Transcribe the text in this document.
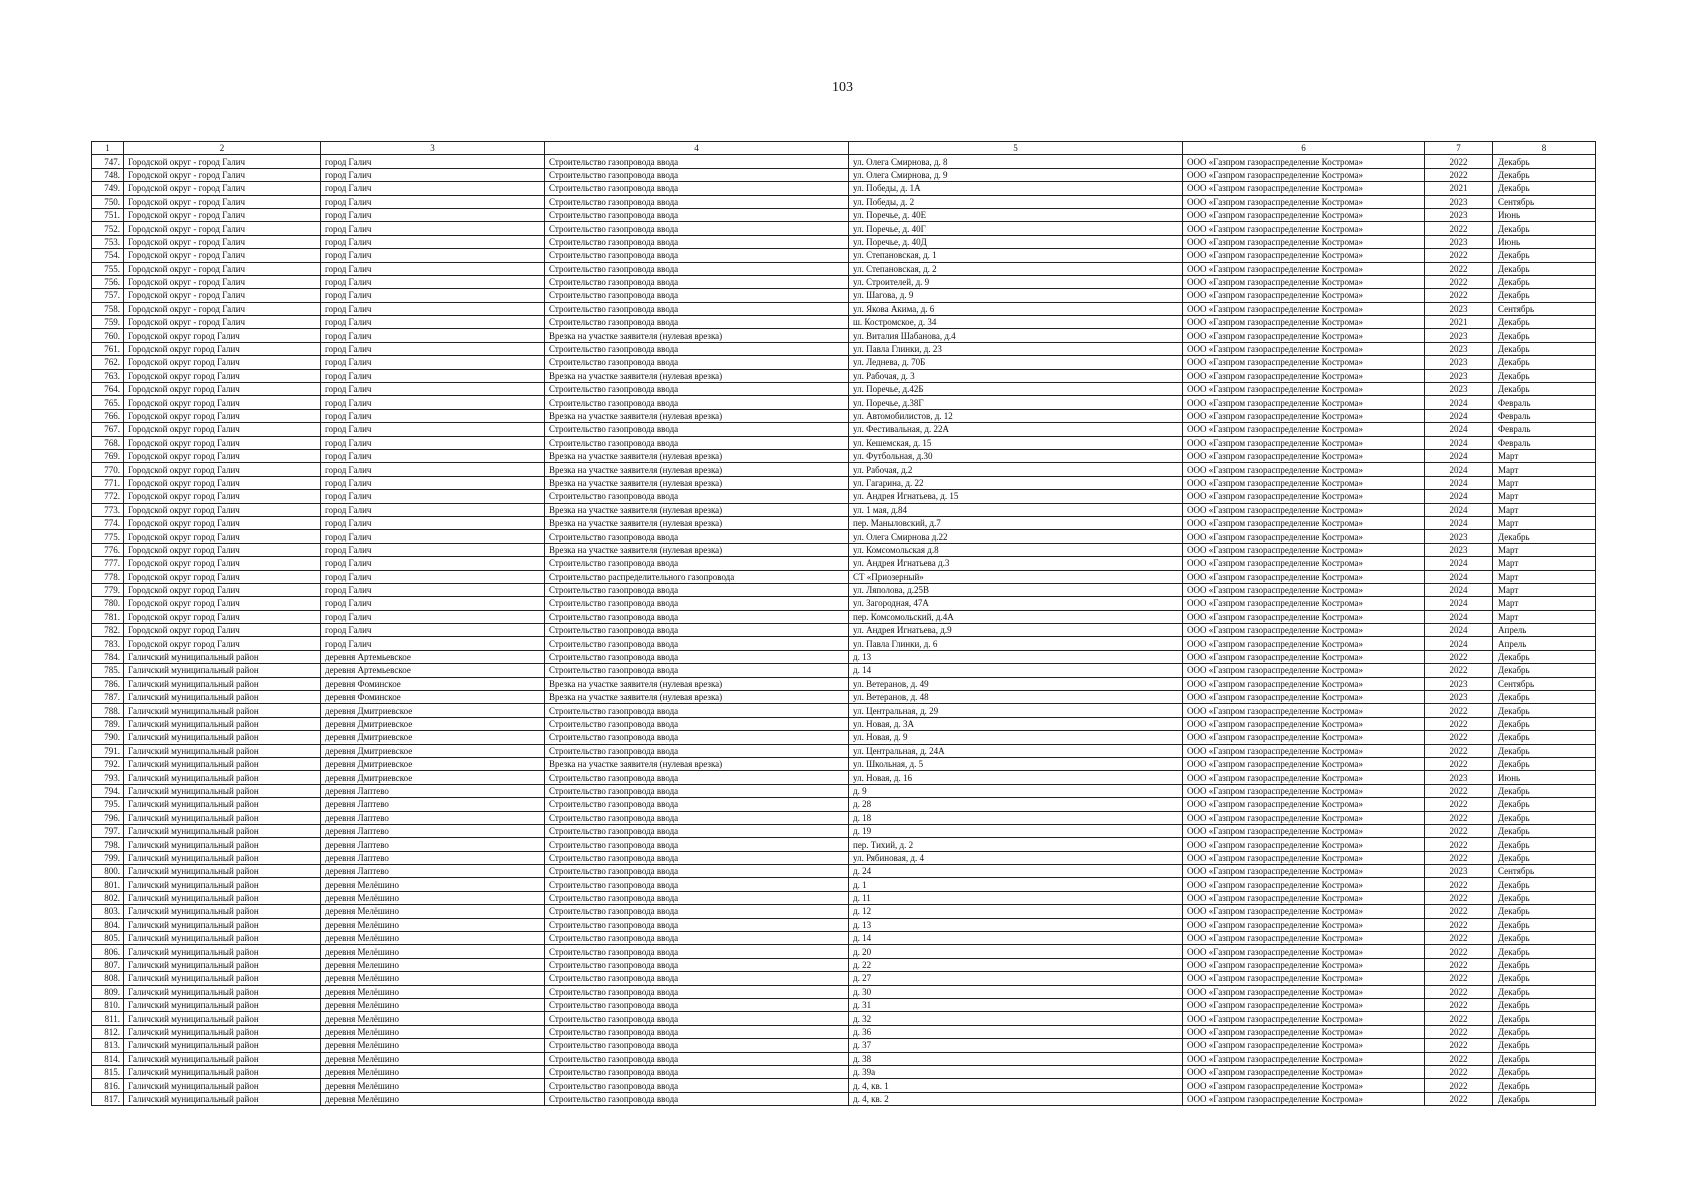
103
1	2	3	4	5	6	7	8
747.	Городской округ - город Галич	город Галич	Строительство газопровода ввода	ул. Олега Смирнова, д. 8	ООО «Газпром газораспределение Кострома»	2022	Декабрь
748.	Городской округ - город Галич	город Галич	Строительство газопровода ввода	ул. Олега Смирнова, д. 9	ООО «Газпром газораспределение Кострома»	2022	Декабрь
749.	Городской округ - город Галич	город Галич	Строительство газопровода ввода	ул. Победы, д. 1А	ООО «Газпром газораспределение Кострома»	2021	Декабрь
750.	Городской округ - город Галич	город Галич	Строительство газопровода ввода	ул. Победы, д. 2	ООО «Газпром газораспределение Кострома»	2023	Сентябрь
751.	Городской округ - город Галич	город Галич	Строительство газопровода ввода	ул. Поречье, д. 40Е	ООО «Газпром газораспределение Кострома»	2023	Июнь
752.	Городской округ - город Галич	город Галич	Строительство газопровода ввода	ул. Поречье, д. 40Г	ООО «Газпром газораспределение Кострома»	2022	Декабрь
753.	Городской округ - город Галич	город Галич	Строительство газопровода ввода	ул. Поречье, д. 40Д	ООО «Газпром газораспределение Кострома»	2023	Июнь
754.	Городской округ - город Галич	город Галич	Строительство газопровода ввода	ул. Степановская, д. 1	ООО «Газпром газораспределение Кострома»	2022	Декабрь
755.	Городской округ - город Галич	город Галич	Строительство газопровода ввода	ул. Степановская, д. 2	ООО «Газпром газораспределение Кострома»	2022	Декабрь
756.	Городской округ - город Галич	город Галич	Строительство газопровода ввода	ул. Строителей, д. 9	ООО «Газпром газораспределение Кострома»	2022	Декабрь
757.	Городской округ - город Галич	город Галич	Строительство газопровода ввода	ул. Шагова, д. 9	ООО «Газпром газораспределение Кострома»	2022	Декабрь
758.	Городской округ - город Галич	город Галич	Строительство газопровода ввода	ул. Якова Акима, д. 6	ООО «Газпром газораспределение Кострома»	2023	Сентябрь
759.	Городской округ - город Галич	город Галич	Строительство газопровода ввода	ш. Костромское, д. 34	ООО «Газпром газораспределение Кострома»	2021	Декабрь
760.	Городской округ город Галич	город Галич	Врезка на участке заявителя (нулевая врезка)	ул. Виталия Шабанова, д.4	ООО «Газпром газораспределение Кострома»	2023	Декабрь
761.	Городской округ город Галич	город Галич	Строительство газопровода ввода	ул. Павла Глинки, д. 23	ООО «Газпром газораспределение Кострома»	2023	Декабрь
762.	Городской округ город Галич	город Галич	Строительство газопровода ввода	ул. Леднева, д. 70Б	ООО «Газпром газораспределение Кострома»	2023	Декабрь
763.	Городской округ город Галич	город Галич	Врезка на участке заявителя (нулевая врезка)	ул. Рабочая, д. 3	ООО «Газпром газораспределение Кострома»	2023	Декабрь
764.	Городской округ город Галич	город Галич	Строительство газопровода ввода	ул. Поречье, д.42Б	ООО «Газпром газораспределение Кострома»	2023	Декабрь
765.	Городской округ город Галич	город Галич	Строительство газопровода ввода	ул. Поречье, д.38Г	ООО «Газпром газораспределение Кострома»	2024	Февраль
766.	Городской округ город Галич	город Галич	Врезка на участке заявителя (нулевая врезка)	ул. Автомобилистов, д. 12	ООО «Газпром газораспределение Кострома»	2024	Февраль
767.	Городской округ город Галич	город Галич	Строительство газопровода ввода	ул. Фестивальная, д. 22А	ООО «Газпром газораспределение Кострома»	2024	Февраль
768.	Городской округ город Галич	город Галич	Строительство газопровода ввода	ул. Кешемская, д. 15	ООО «Газпром газораспределение Кострома»	2024	Февраль
769.	Городской округ город Галич	город Галич	Врезка на участке заявителя (нулевая врезка)	ул. Футбольная, д.30	ООО «Газпром газораспределение Кострома»	2024	Март
770.	Городской округ город Галич	город Галич	Врезка на участке заявителя (нулевая врезка)	ул. Рабочая, д.2	ООО «Газпром газораспределение Кострома»	2024	Март
771.	Городской округ город Галич	город Галич	Врезка на участке заявителя (нулевая врезка)	ул. Гагарина, д. 22	ООО «Газпром газораспределение Кострома»	2024	Март
772.	Городской округ город Галич	город Галич	Строительство газопровода ввода	ул. Андрея Игнатьева, д. 15	ООО «Газпром газораспределение Кострома»	2024	Март
773.	Городской округ город Галич	город Галич	Врезка на участке заявителя (нулевая врезка)	ул. 1 мая, д.84	ООО «Газпром газораспределение Кострома»	2024	Март
774.	Городской округ город Галич	город Галич	Врезка на участке заявителя (нулевая врезка)	пер. Маныловский, д.7	ООО «Газпром газораспределение Кострома»	2024	Март
775.	Городской округ город Галич	город Галич	Строительство газопровода ввода	ул. Олега Смирнова д.22	ООО «Газпром газораспределение Кострома»	2023	Декабрь
776.	Городской округ город Галич	город Галич	Врезка на участке заявителя (нулевая врезка)	ул. Комсомольская д.8	ООО «Газпром газораспределение Кострома»	2023	Март
777.	Городской округ город Галич	город Галич	Строительство газопровода ввода	ул. Андрея Игнатьева д.3	ООО «Газпром газораспределение Кострома»	2024	Март
778.	Городской округ город Галич	город Галич	Строительство распределительного газопровода	СТ «Приозерный»	ООО «Газпром газораспределение Кострома»	2024	Март
779.	Городской округ город Галич	город Галич	Строительство газопровода ввода	ул. Ляполова, д.25В	ООО «Газпром газораспределение Кострома»	2024	Март
780.	Городской округ город Галич	город Галич	Строительство газопровода ввода	ул. Загородная, 47А	ООО «Газпром газораспределение Кострома»	2024	Март
781.	Городской округ город Галич	город Галич	Строительство газопровода ввода	пер. Комсомольский, д.4А	ООО «Газпром газораспределение Кострома»	2024	Март
782.	Городской округ город Галич	город Галич	Строительство газопровода ввода	ул. Андрея Игнатьева, д.9	ООО «Газпром газораспределение Кострома»	2024	Апрель
783.	Городской округ город Галич	город Галич	Строительство газопровода ввода	ул. Павла Глинки, д. 6	ООО «Газпром газораспределение Кострома»	2024	Апрель
784.	Галичский муниципальный район	деревня Артемьевское	Строительство газопровода ввода	д. 13	ООО «Газпром газораспределение Кострома»	2022	Декабрь
785.	Галичский муниципальный район	деревня Артемьевское	Строительство газопровода ввода	д. 14	ООО «Газпром газораспределение Кострома»	2022	Декабрь
786.	Галичский муниципальный район	деревня Фоминское	Врезка на участке заявителя (нулевая врезка)	ул. Ветеранов, д. 49	ООО «Газпром газораспределение Кострома»	2023	Сентябрь
787.	Галичский муниципальный район	деревня Фоминское	Врезка на участке заявителя (нулевая врезка)	ул. Ветеранов, д. 48	ООО «Газпром газораспределение Кострома»	2023	Декабрь
788.	Галичский муниципальный район	деревня Дмитриевское	Строительство газопровода ввода	ул. Центральная, д. 29	ООО «Газпром газораспределение Кострома»	2022	Декабрь
789.	Галичский муниципальный район	деревня Дмитриевское	Строительство газопровода ввода	ул. Новая, д. 3А	ООО «Газпром газораспределение Кострома»	2022	Декабрь
790.	Галичский муниципальный район	деревня Дмитриевское	Строительство газопровода ввода	ул. Новая, д. 9	ООО «Газпром газораспределение Кострома»	2022	Декабрь
791.	Галичский муниципальный район	деревня Дмитриевское	Строительство газопровода ввода	ул. Центральная, д. 24А	ООО «Газпром газораспределение Кострома»	2022	Декабрь
792.	Галичский муниципальный район	деревня Дмитриевское	Врезка на участке заявителя (нулевая врезка)	ул. Школьная, д. 5	ООО «Газпром газораспределение Кострома»	2022	Декабрь
793.	Галичский муниципальный район	деревня Дмитриевское	Строительство газопровода ввода	ул. Новая, д. 16	ООО «Газпром газораспределение Кострома»	2023	Июнь
794.	Галичский муниципальный район	деревня Лаптево	Строительство газопровода ввода	д. 9	ООО «Газпром газораспределение Кострома»	2022	Декабрь
795.	Галичский муниципальный район	деревня Лаптево	Строительство газопровода ввода	д. 28	ООО «Газпром газораспределение Кострома»	2022	Декабрь
796.	Галичский муниципальный район	деревня Лаптево	Строительство газопровода ввода	д. 18	ООО «Газпром газораспределение Кострома»	2022	Декабрь
797.	Галичский муниципальный район	деревня Лаптево	Строительство газопровода ввода	д. 19	ООО «Газпром газораспределение Кострома»	2022	Декабрь
798.	Галичский муниципальный район	деревня Лаптево	Строительство газопровода ввода	пер. Тихий, д. 2	ООО «Газпром газораспределение Кострома»	2022	Декабрь
799.	Галичский муниципальный район	деревня Лаптево	Строительство газопровода ввода	ул. Рябиновая, д. 4	ООО «Газпром газораспределение Кострома»	2022	Декабрь
800.	Галичский муниципальный район	деревня Лаптево	Строительство газопровода ввода	д. 24	ООО «Газпром газораспределение Кострома»	2023	Сентябрь
801.	Галичский муниципальный район	деревня Мелёшино	Строительство газопровода ввода	д. 1	ООО «Газпром газораспределение Кострома»	2022	Декабрь
802.	Галичский муниципальный район	деревня Мелёшино	Строительство газопровода ввода	д. 11	ООО «Газпром газораспределение Кострома»	2022	Декабрь
803.	Галичский муниципальный район	деревня Мелёшино	Строительство газопровода ввода	д. 12	ООО «Газпром газораспределение Кострома»	2022	Декабрь
804.	Галичский муниципальный район	деревня Мелёшино	Строительство газопровода ввода	д. 13	ООО «Газпром газораспределение Кострома»	2022	Декабрь
805.	Галичский муниципальный район	деревня Мелёшино	Строительство газопровода ввода	д. 14	ООО «Газпром газораспределение Кострома»	2022	Декабрь
806.	Галичский муниципальный район	деревня Мелёшино	Строительство газопровода ввода	д. 20	ООО «Газпром газораспределение Кострома»	2022	Декабрь
807.	Галичский муниципальный район	деревня Мелешино	Строительство газопровода ввода	д. 22	ООО «Газпром газораспределение Кострома»	2022	Декабрь
808.	Галичский муниципальный район	деревня Мелёшино	Строительство газопровода ввода	д. 27	ООО «Газпром газораспределение Кострома»	2022	Декабрь
809.	Галичский муниципальный район	деревня Мелёшино	Строительство газопровода ввода	д. 30	ООО «Газпром газораспределение Кострома»	2022	Декабрь
810.	Галичский муниципальный район	деревня Мелёшино	Строительство газопровода ввода	д. 31	ООО «Газпром газораспределение Кострома»	2022	Декабрь
811.	Галичский муниципальный район	деревня Мелёшино	Строительство газопровода ввода	д. 32	ООО «Газпром газораспределение Кострома»	2022	Декабрь
812.	Галичский муниципальный район	деревня Мелёшино	Строительство газопровода ввода	д. 36	ООО «Газпром газораспределение Кострома»	2022	Декабрь
813.	Галичский муниципальный район	деревня Мелёшино	Строительство газопровода ввода	д. 37	ООО «Газпром газораспределение Кострома»	2022	Декабрь
814.	Галичский муниципальный район	деревня Мелёшино	Строительство газопровода ввода	д. 38	ООО «Газпром газораспределение Кострома»	2022	Декабрь
815.	Галичский муниципальный район	деревня Мелёшино	Строительство газопровода ввода	д. 39а	ООО «Газпром газораспределение Кострома»	2022	Декабрь
816.	Галичский муниципальный район	деревня Мелёшино	Строительство газопровода ввода	д. 4, кв. 1	ООО «Газпром газораспределение Кострома»	2022	Декабрь
817.	Галичский муниципальный район	деревня Мелёшино	Строительство газопровода ввода	д. 4, кв. 2	ООО «Газпром газораспределение Кострома»	2022	Декабрь
